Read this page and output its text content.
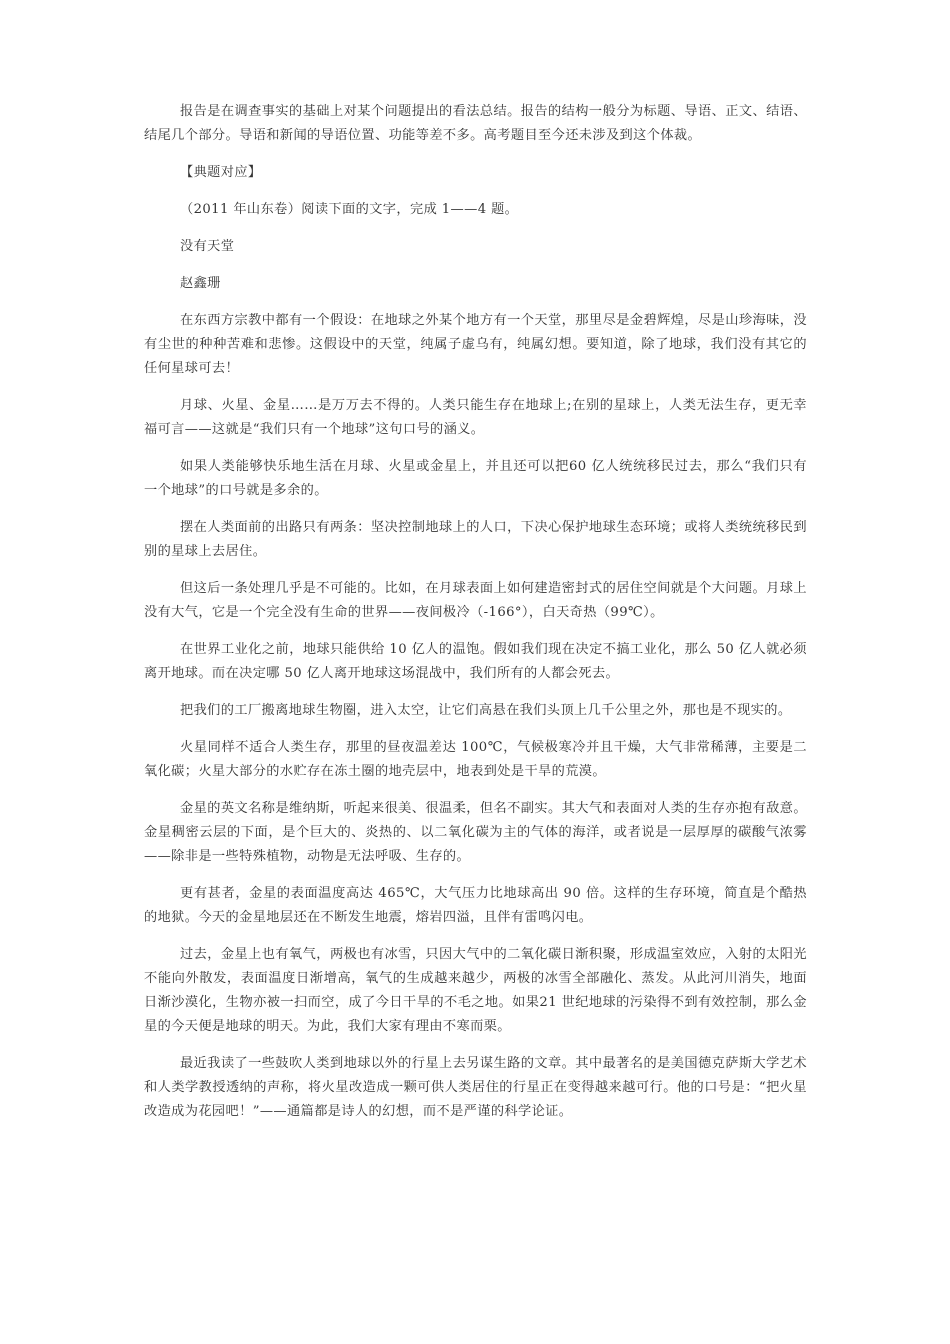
报告是在调查事实的基础上对某个问题提出的看法总结。报告的结构一般分为标题、导语、正文、结语、结尾几个部分。导语和新闻的导语位置、功能等差不多。高考题目至今还未涉及到这个体裁。

【典题对应】

（2011 年山东卷）阅读下面的文字，完成 1——4 题。

没有天堂

赵鑫珊

在东西方宗教中都有一个假设：在地球之外某个地方有一个天堂，那里尽是金碧辉煌，尽是山珍海味，没有尘世的种种苦难和悲惨。这假设中的天堂，纯属子虚乌有，纯属幻想。要知道，除了地球，我们没有其它的任何星球可去！

月球、火星、金星……是万万去不得的。人类只能生存在地球上;在别的星球上，人类无法生存，更无幸福可言——这就是“我们只有一个地球”这句口号的涵义。

如果人类能够快乐地生活在月球、火星或金星上，并且还可以把60 亿人统统移民过去，那么“我们只有一个地球”的口号就是多余的。

摆在人类面前的出路只有两条：坚决控制地球上的人口，下决心保护地球生态环境；或将人类统统移民到别的星球上去居住。

但这后一条处理几乎是不可能的。比如，在月球表面上如何建造密封式的居住空间就是个大问题。月球上没有大气，它是一个完全没有生命的世界——夜间极冷（-166°），白天奇热（99℃）。

在世界工业化之前，地球只能供给 10 亿人的温饱。假如我们现在决定不搞工业化，那么 50 亿人就必须离开地球。而在决定哪 50 亿人离开地球这场混战中，我们所有的人都会死去。

把我们的工厂搬离地球生物圈，进入太空，让它们高悬在我们头顶上几千公里之外，那也是不现实的。

火星同样不适合人类生存，那里的昼夜温差达 100℃，气候极寒冷并且干燥，大气非常稀薄，主要是二氧化碳；火星大部分的水贮存在冻土圈的地壳层中，地表到处是干旱的荒漠。

金星的英文名称是维纳斯，听起来很美、很温柔，但名不副实。其大气和表面对人类的生存亦抱有敌意。金星稠密云层的下面，是个巨大的、炎热的、以二氧化碳为主的气体的海洋，或者说是一层厚厚的碳酸气浓雾——除非是一些特殊植物，动物是无法呼吸、生存的。

更有甚者，金星的表面温度高达 465℃，大气压力比地球高出 90 倍。这样的生存环境，简直是个酷热的地狱。今天的金星地层还在不断发生地震，熔岩四溢，且伴有雷鸣闪电。

过去，金星上也有氧气，两极也有冰雪，只因大气中的二氧化碳日渐积聚，形成温室效应，入射的太阳光不能向外散发，表面温度日渐增高，氧气的生成越来越少，两极的冰雪全部融化、蒸发。从此河川消失，地面日渐沙漠化，生物亦被一扫而空，成了今日干旱的不毛之地。如果21 世纪地球的污染得不到有效控制，那么金星的今天便是地球的明天。为此，我们大家有理由不寒而栗。

最近我读了一些鼓吹人类到地球以外的行星上去另谋生路的文章。其中最著名的是美国德克萨斯大学艺术和人类学教授透纳的声称，将火星改造成一颗可供人类居住的行星正在变得越来越可行。他的口号是：“把火星改造成为花园吧！”——通篇都是诗人的幻想，而不是严谨的科学论证。
